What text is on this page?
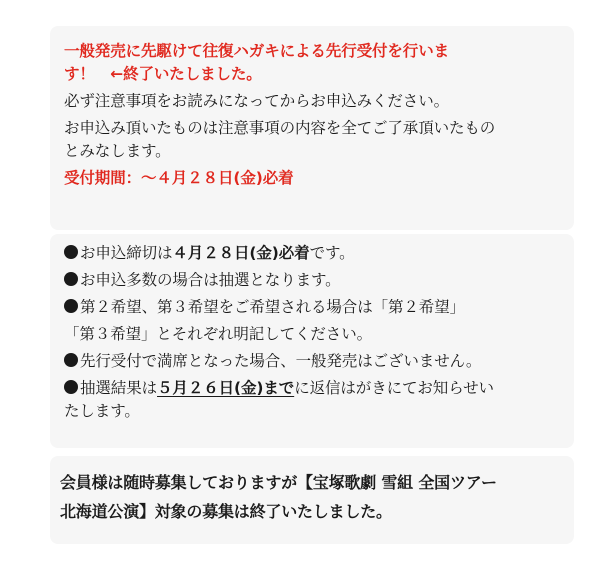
一般発売に先駆けて往復ハガキによる先行受付を行いま

す！　←終了いたしました。

必ず注意事項をお読みになってからお申込みください。

お申込み頂いたものは注意事項の内容を全てご了承頂いたもの

とみなします。

受付期間：～４月２８日(金)必着

お申込締切は４月２８日(金)必着です。

お申込多数の場合は抽選となります。

第２希望、第３希望をご希望される場合は「第２希望」

「第３希望」とそれぞれ明記してください。

先行受付で満席となった場合、一般発売はございません。

抽選結果は５月２６日(金)までに返信はがきにてお知らせい

たします。

会員様は随時募集しておりますが【宝塚歌劇 雪組 全国ツアー

北海道公演】対象の募集は終了いたしました。
